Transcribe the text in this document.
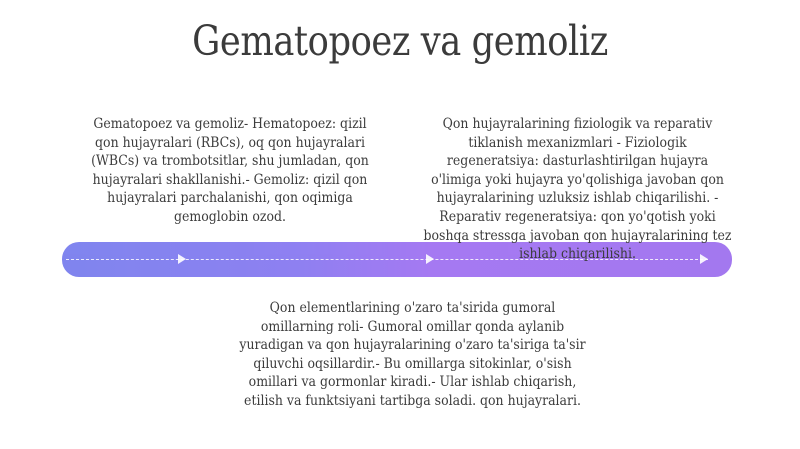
Gematopoez va gemoliz

Gematopoez va gemoliz- Hematopoez: qizil qon hujayralari (RBCs), oq qon hujayralari (WBCs) va trombotsitlar, shu jumladan, qon hujayralari shakllanishi.- Gemoliz: qizil qon hujayralari parchalanishi, qon oqimiga gemoglobin ozod.

Qon hujayralarining fiziologik va reparativ tiklanish mexanizmlari - Fiziologik regeneratsiya: dasturlashtirilgan hujayra o'limiga yoki hujayra yo'qolishiga javoban qon hujayralarining uzluksiz ishlab chiqarilishi. - Reparativ regeneratsiya: qon yo'qotish yoki boshqa stressga javoban qon hujayralarining tez ishlab chiqarilishi.

Qon elementlarining o'zaro ta'sirida gumoral omillarning roli- Gumoral omillar qonda aylanib yuradigan va qon hujayralarining o'zaro ta'siriga ta'sir qiluvchi oqsillardir.- Bu omillarga sitokinlar, o'sish omillari va gormonlar kiradi.- Ular ishlab chiqarish, etilish va funktsiyani tartibga soladi. qon hujayralari.
